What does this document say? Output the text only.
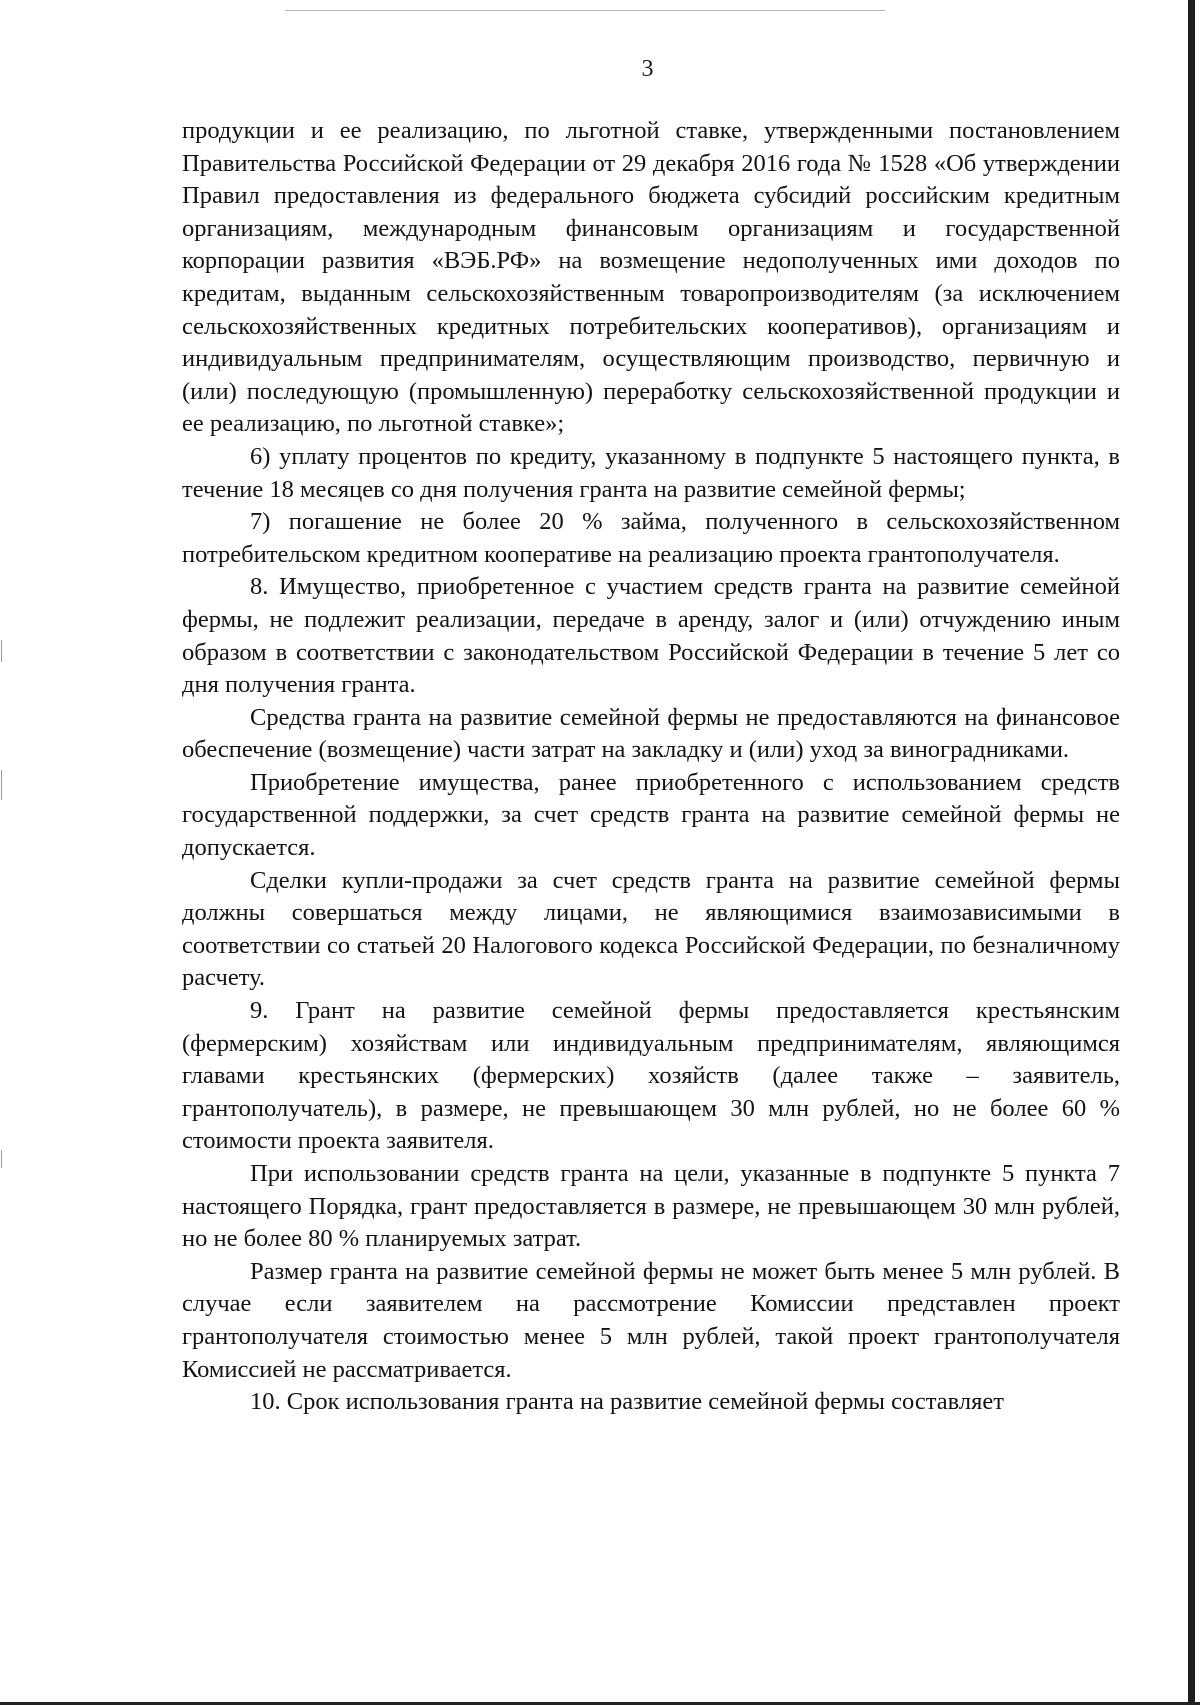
3

продукции и ее реализацию, по льготной ставке, утвержденными постановлением Правительства Российской Федерации от 29 декабря 2016 года № 1528 «Об утверждении Правил предоставления из федерального бюджета субсидий российским кредитным организациям, международным финансовым организациям и государственной корпорации развития «ВЭБ.РФ» на возмещение недополученных ими доходов по кредитам, выданным сельскохозяйственным товаропроизводителям (за исключением сельскохозяйственных кредитных потребительских кооперативов), организациям и индивидуальным предпринимателям, осуществляющим производство, первичную и (или) последующую (промышленную) переработку сельскохозяйственной продукции и ее реализацию, по льготной ставке»;

6) уплату процентов по кредиту, указанному в подпункте 5 настоящего пункта, в течение 18 месяцев со дня получения гранта на развитие семейной фермы;

7) погашение не более 20 % займа, полученного в сельскохозяйственном потребительском кредитном кооперативе на реализацию проекта грантополучателя.

8. Имущество, приобретенное с участием средств гранта на развитие семейной фермы, не подлежит реализации, передаче в аренду, залог и (или) отчуждению иным образом в соответствии с законодательством Российской Федерации в течение 5 лет со дня получения гранта.

Средства гранта на развитие семейной фермы не предоставляются на финансовое обеспечение (возмещение) части затрат на закладку и (или) уход за виноградниками.

Приобретение имущества, ранее приобретенного с использованием средств государственной поддержки, за счет средств гранта на развитие семейной фермы не допускается.

Сделки купли-продажи за счет средств гранта на развитие семейной фермы должны совершаться между лицами, не являющимися взаимозависимыми в соответствии со статьей 20 Налогового кодекса Российской Федерации, по безналичному расчету.

9. Грант на развитие семейной фермы предоставляется крестьянским (фермерским) хозяйствам или индивидуальным предпринимателям, являющимся главами крестьянских (фермерских) хозяйств (далее также – заявитель, грантополучатель), в размере, не превышающем 30 млн рублей, но не более 60 % стоимости проекта заявителя.

При использовании средств гранта на цели, указанные в подпункте 5 пункта 7 настоящего Порядка, грант предоставляется в размере, не превышающем 30 млн рублей, но не более 80 % планируемых затрат.

Размер гранта на развитие семейной фермы не может быть менее 5 млн рублей. В случае если заявителем на рассмотрение Комиссии представлен проект грантополучателя стоимостью менее 5 млн рублей, такой проект грантополучателя Комиссией не рассматривается.

10. Срок использования гранта на развитие семейной фермы составляет
